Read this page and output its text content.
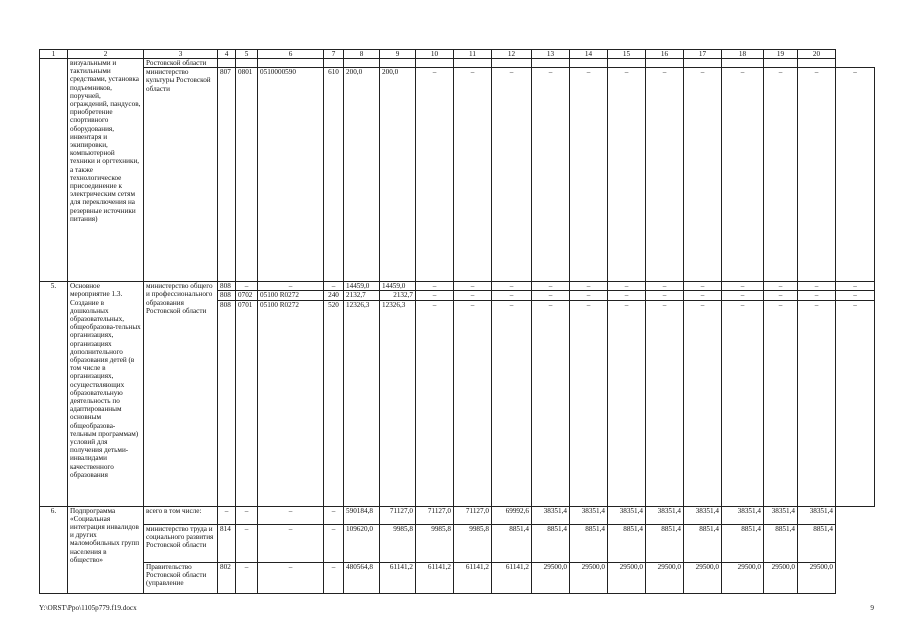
1	2	3	4	5	6	7	8	9	10	11	12	13	14	15	16	17	18	19	20	
	визуальными и тактильными средствами, установка подъемников, поручней, ограждений, пандусов, приобретение спортивного оборудования, инвентаря и экипировки, компьютерной техники и оргтехники, а также технологическое присоединение к электрическим сетям для переключения на резервные источники питания)	Ростовской области																		
		министерство культуры Ростовской области	807	0801	0510000590	610	200,0	200,0	–	–	–	–	–	–	–	–	–	–	–	–
5.	Основное мероприятие 1.3. Создание в дошкольных образовательных, общеобразова-тельных организациях, организациях дополнительного образования детей (в том числе в организациях, осуществляющих образовательную деятельность по адаптированным основным общеобразова-тельным программам) условий для получения детьми-инвалидами качественного образования	министерство общего и профессионального образования Ростовской области	808	–	–	–	14459,0	14459,0	–	–	–	–	–	–	–	–	–	–	–	–
			808	0702	05100 R0272	240	2132,7	2132,7	–	–	–	–	–	–	–	–	–	–	–	–
			808	0701	05100 R0272	520	12326,3	12326,3	–	–	–	–	–	–	–	–	–	–	–	–
6.	Подпрограмма «Социальная интеграция инвалидов и других маломобильных групп населения в общество»	всего в том числе:	–	–	–	–	590184,8	71127,0	71127,0	71127,0	69992,6	38351,4	38351,4	38351,4	38351,4	38351,4	38351,4	38351,4	38351,4	
		министерство труда и социального развития Ростовской области	814	–	–	–	109620,0	9985,8	9985,8	9985,8	8851,4	8851,4	8851,4	8851,4	8851,4	8851,4	8851,4	8851,4	8851,4	
		Правительство Ростовской области (управление	802	–	–	–	480564,8	61141,2	61141,2	61141,2	61141,2	29500,0	29500,0	29500,0	29500,0	29500,0	29500,0	29500,0	29500,0	
Y:\ORST\Ppo\1105p779.f19.docx	9
